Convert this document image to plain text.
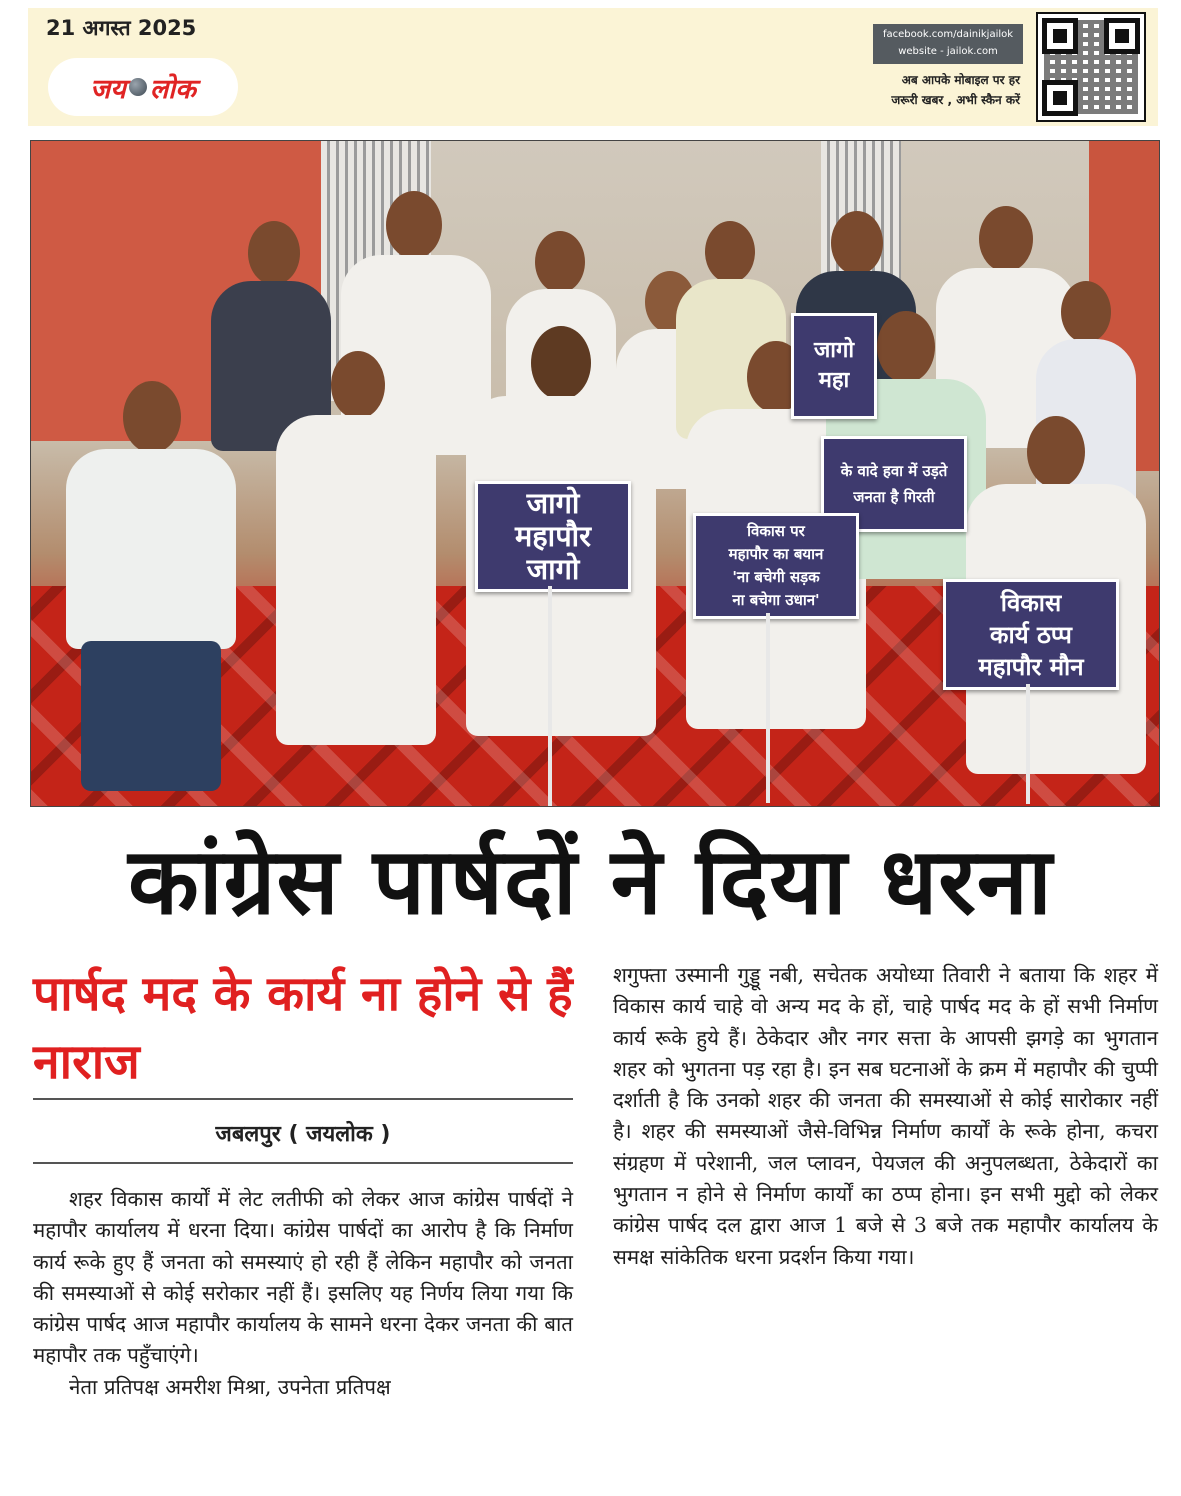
21 अगस्त 2025
जय लोक
facebook.com/dainikjailok
website - jailok.com
अब आपके मोबाइल पर हर
जरूरी खबर , अभी स्कैन करें
जागो
महा
के वादे हवा में उड़ते
जनता है गिरती
जागो
महापौर
जागो
विकास पर
महापौर का बयान
'ना बचेगी सड़क
ना बचेगा उधान'	विकास
कार्य ठप्प
महापौर मौन
कांग्रेस पार्षदों ने दिया धरना
पार्षद मद के कार्य ना होने से हैं नाराज
जबलपुर ( जयलोक )

शहर विकास कार्यों में लेट लतीफी को लेकर आज कांग्रेस पार्षदों ने महापौर कार्यालय में धरना दिया। कांग्रेस पार्षदों का आरोप है कि निर्माण कार्य रूके हुए हैं जनता को समस्याएं हो रही हैं लेकिन महापौर को जनता की समस्याओं से कोई सरोकार नहीं हैं। इसलिए यह निर्णय लिया गया कि कांग्रेस पार्षद आज महापौर कार्यालय के सामने धरना देकर जनता की बात महापौर तक पहुँचाएंगे।

नेता प्रतिपक्ष अमरीश मिश्रा, उपनेता प्रतिपक्ष

शगुफ्ता उस्मानी गुड्डू नबी, सचेतक अयोध्या तिवारी ने बताया कि शहर में विकास कार्य चाहे वो अन्य मद के हों, चाहे पार्षद मद के हों सभी निर्माण कार्य रूके हुये हैं। ठेकेदार और नगर सत्ता के आपसी झगड़े का भुगतान शहर को भुगतना पड़ रहा है। इन सब घटनाओं के क्रम में महापौर की चुप्पी दर्शाती है कि उनको शहर की जनता की समस्याओं से कोई सारोकार नहीं है। शहर की समस्याओं जैसे-विभिन्न निर्माण कार्यों के रूके होना, कचरा संग्रहण में परेशानी, जल प्लावन, पेयजल की अनुपलब्धता, ठेकेदारों का भुगतान न होने से निर्माण कार्यों का ठप्प होना। इन सभी मुद्दो को लेकर कांग्रेस पार्षद दल द्वारा आज 1 बजे से 3 बजे तक महापौर कार्यालय के समक्ष सांकेतिक धरना प्रदर्शन किया गया।
